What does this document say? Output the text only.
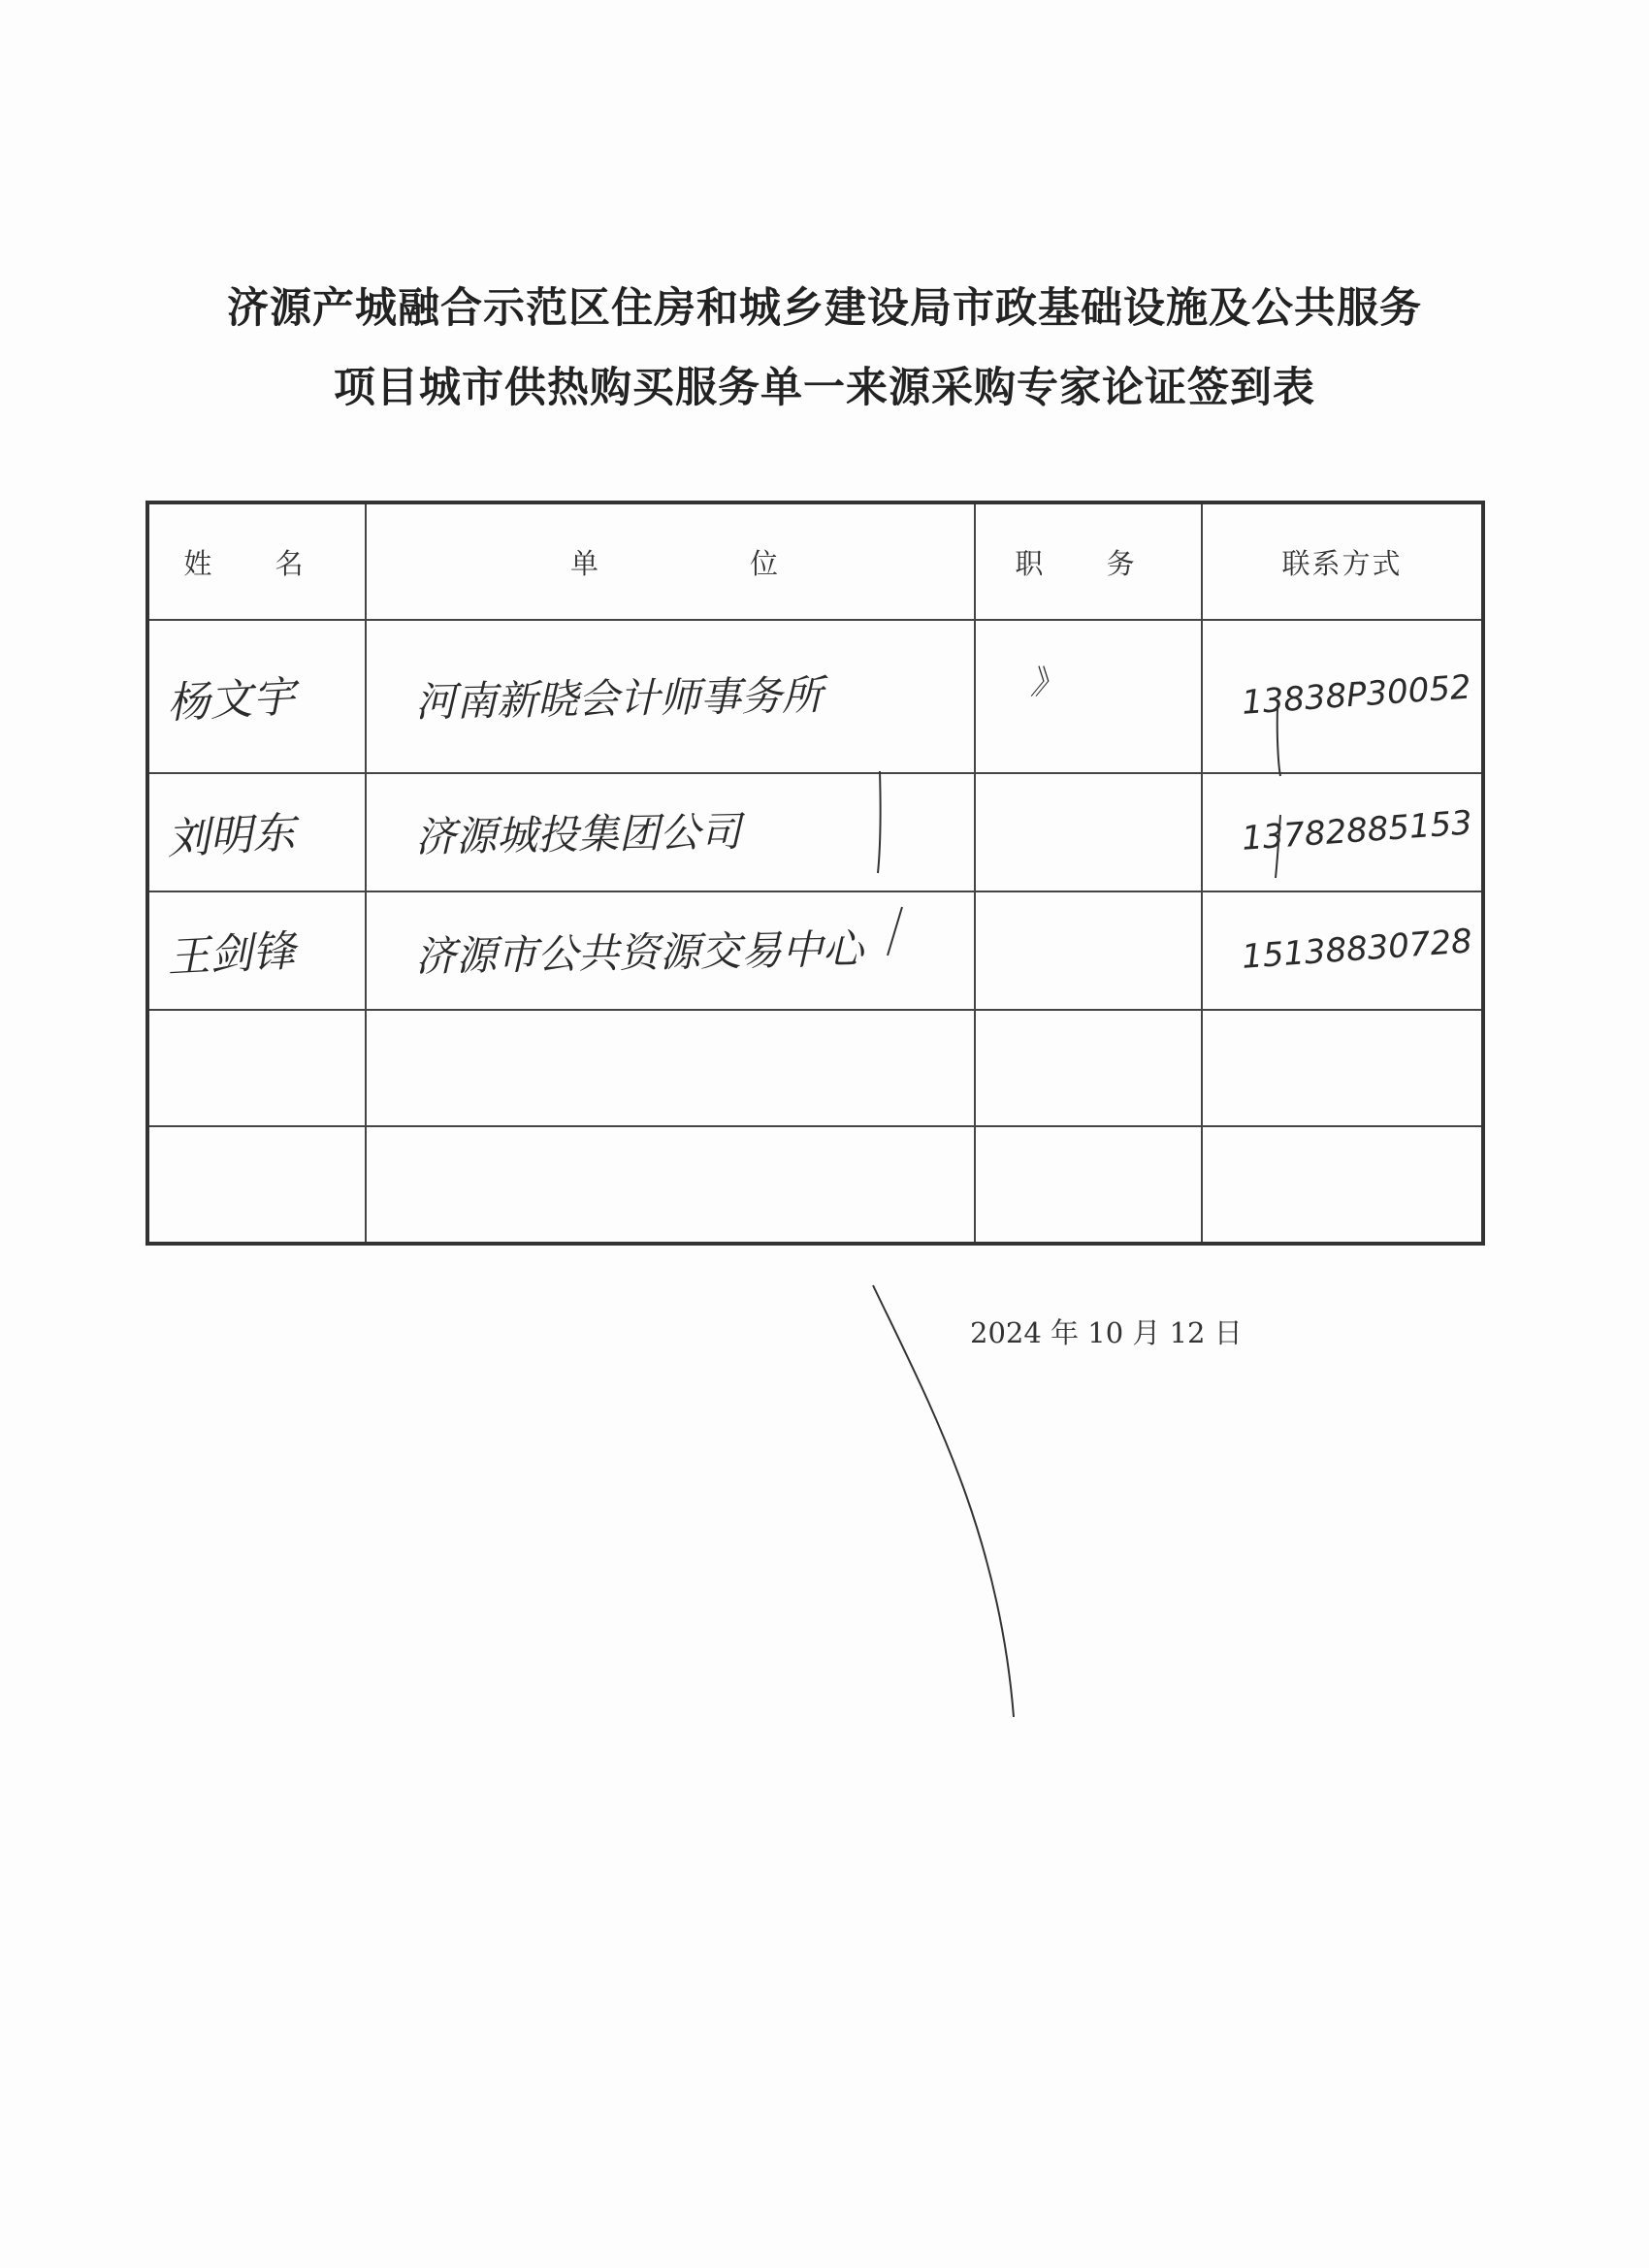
济源产城融合示范区住房和城乡建设局市政基础设施及公共服务
项目城市供热购买服务单一来源采购专家论证签到表
姓 名	单 位	职 务	联系方式
杨文宇	河南新晓会计师事务所	》	13838P30052
刘明东	济源城投集团公司		13782885153
王剑锋	济源市公共资源交易中心		15138830728

2024 年 10 月 12 日
